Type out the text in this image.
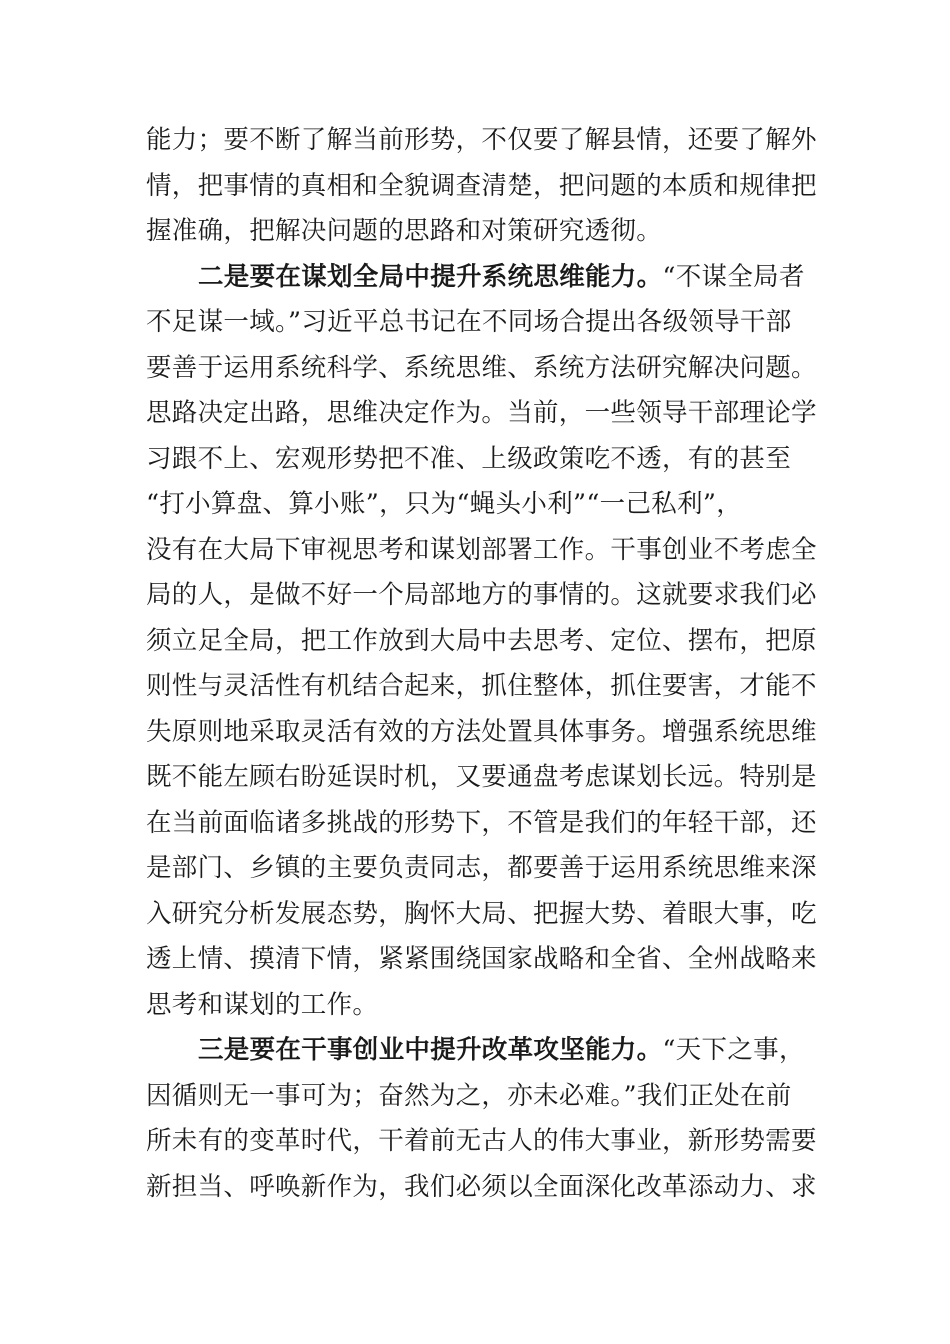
能力；要不断了解当前形势，不仅要了解县情，还要了解外
情，把事情的真相和全貌调查清楚，把问题的本质和规律把
握准确，把解决问题的思路和对策研究透彻。
二是要在谋划全局中提升系统思维能力。“不谋全局者
不足谋一域。”习近平总书记在不同场合提出各级领导干部
要善于运用系统科学、系统思维、系统方法研究解决问题。
思路决定出路，思维决定作为。当前，一些领导干部理论学
习跟不上、宏观形势把不准、上级政策吃不透，有的甚至
“打小算盘、算小账”，只为“蝇头小利”“一己私利”，
没有在大局下审视思考和谋划部署工作。干事创业不考虑全
局的人，是做不好一个局部地方的事情的。这就要求我们必
须立足全局，把工作放到大局中去思考、定位、摆布，把原
则性与灵活性有机结合起来，抓住整体，抓住要害，才能不
失原则地采取灵活有效的方法处置具体事务。增强系统思维
既不能左顾右盼延误时机，又要通盘考虑谋划长远。特别是
在当前面临诸多挑战的形势下，不管是我们的年轻干部，还
是部门、乡镇的主要负责同志，都要善于运用系统思维来深
入研究分析发展态势，胸怀大局、把握大势、着眼大事，吃
透上情、摸清下情，紧紧围绕国家战略和全省、全州战略来
思考和谋划的工作。
三是要在干事创业中提升改革攻坚能力。“天下之事，
因循则无一事可为；奋然为之，亦未必难。”我们正处在前
所未有的变革时代，干着前无古人的伟大事业，新形势需要
新担当、呼唤新作为，我们必须以全面深化改革添动力、求
